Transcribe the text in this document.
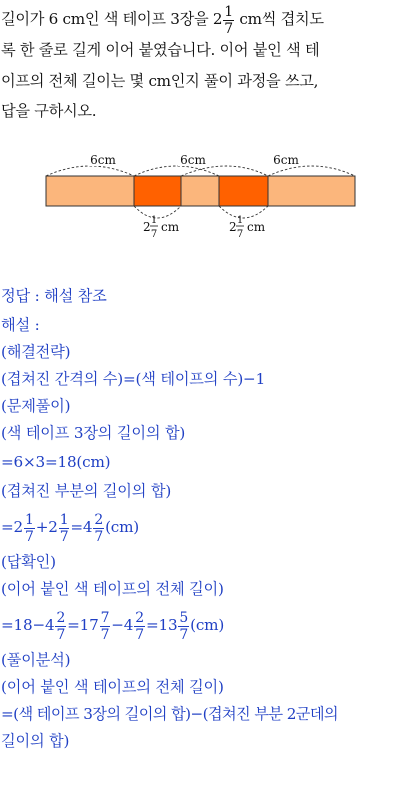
길이가 6 cm인 색 테이프 3장을 $2 \frac{1}{7}$ cm씩 겹치도
록 한 줄로 길게 이어 붙였습니다. 이어 붙인 색 테
이프의 전체 길이는 몇 cm인지 풀이 과정을 쓰고,
답을 구하시오.
6cm	6cm	6cm
2 1
7
cm	2 1
7
cm
정답 : 해설 참조
해설 :
(해결전략)
(겹쳐진 간격의 수)=(색 테이프의 수)−1
(문제풀이)
(색 테이프 3장의 길이의 합)
=6×3=18(cm)
(겹쳐진 부분의 길이의 합)
$=2 \frac{1}{7} +2 \frac{1}{7} =4 \frac{2}{7} (cm)$
(답확인)
(이어 붙인 색 테이프의 전체 길이)
$=18-4 \frac{2}{7} =17 \frac{7}{7} -4 \frac{2}{7} =13 \frac{5}{7} (cm)$
(풀이분석)
(이어 붙인 색 테이프의 전체 길이)
=(색 테이프 3장의 길이의 합)−(겹쳐진 부분 2군데의
길이의 합)
